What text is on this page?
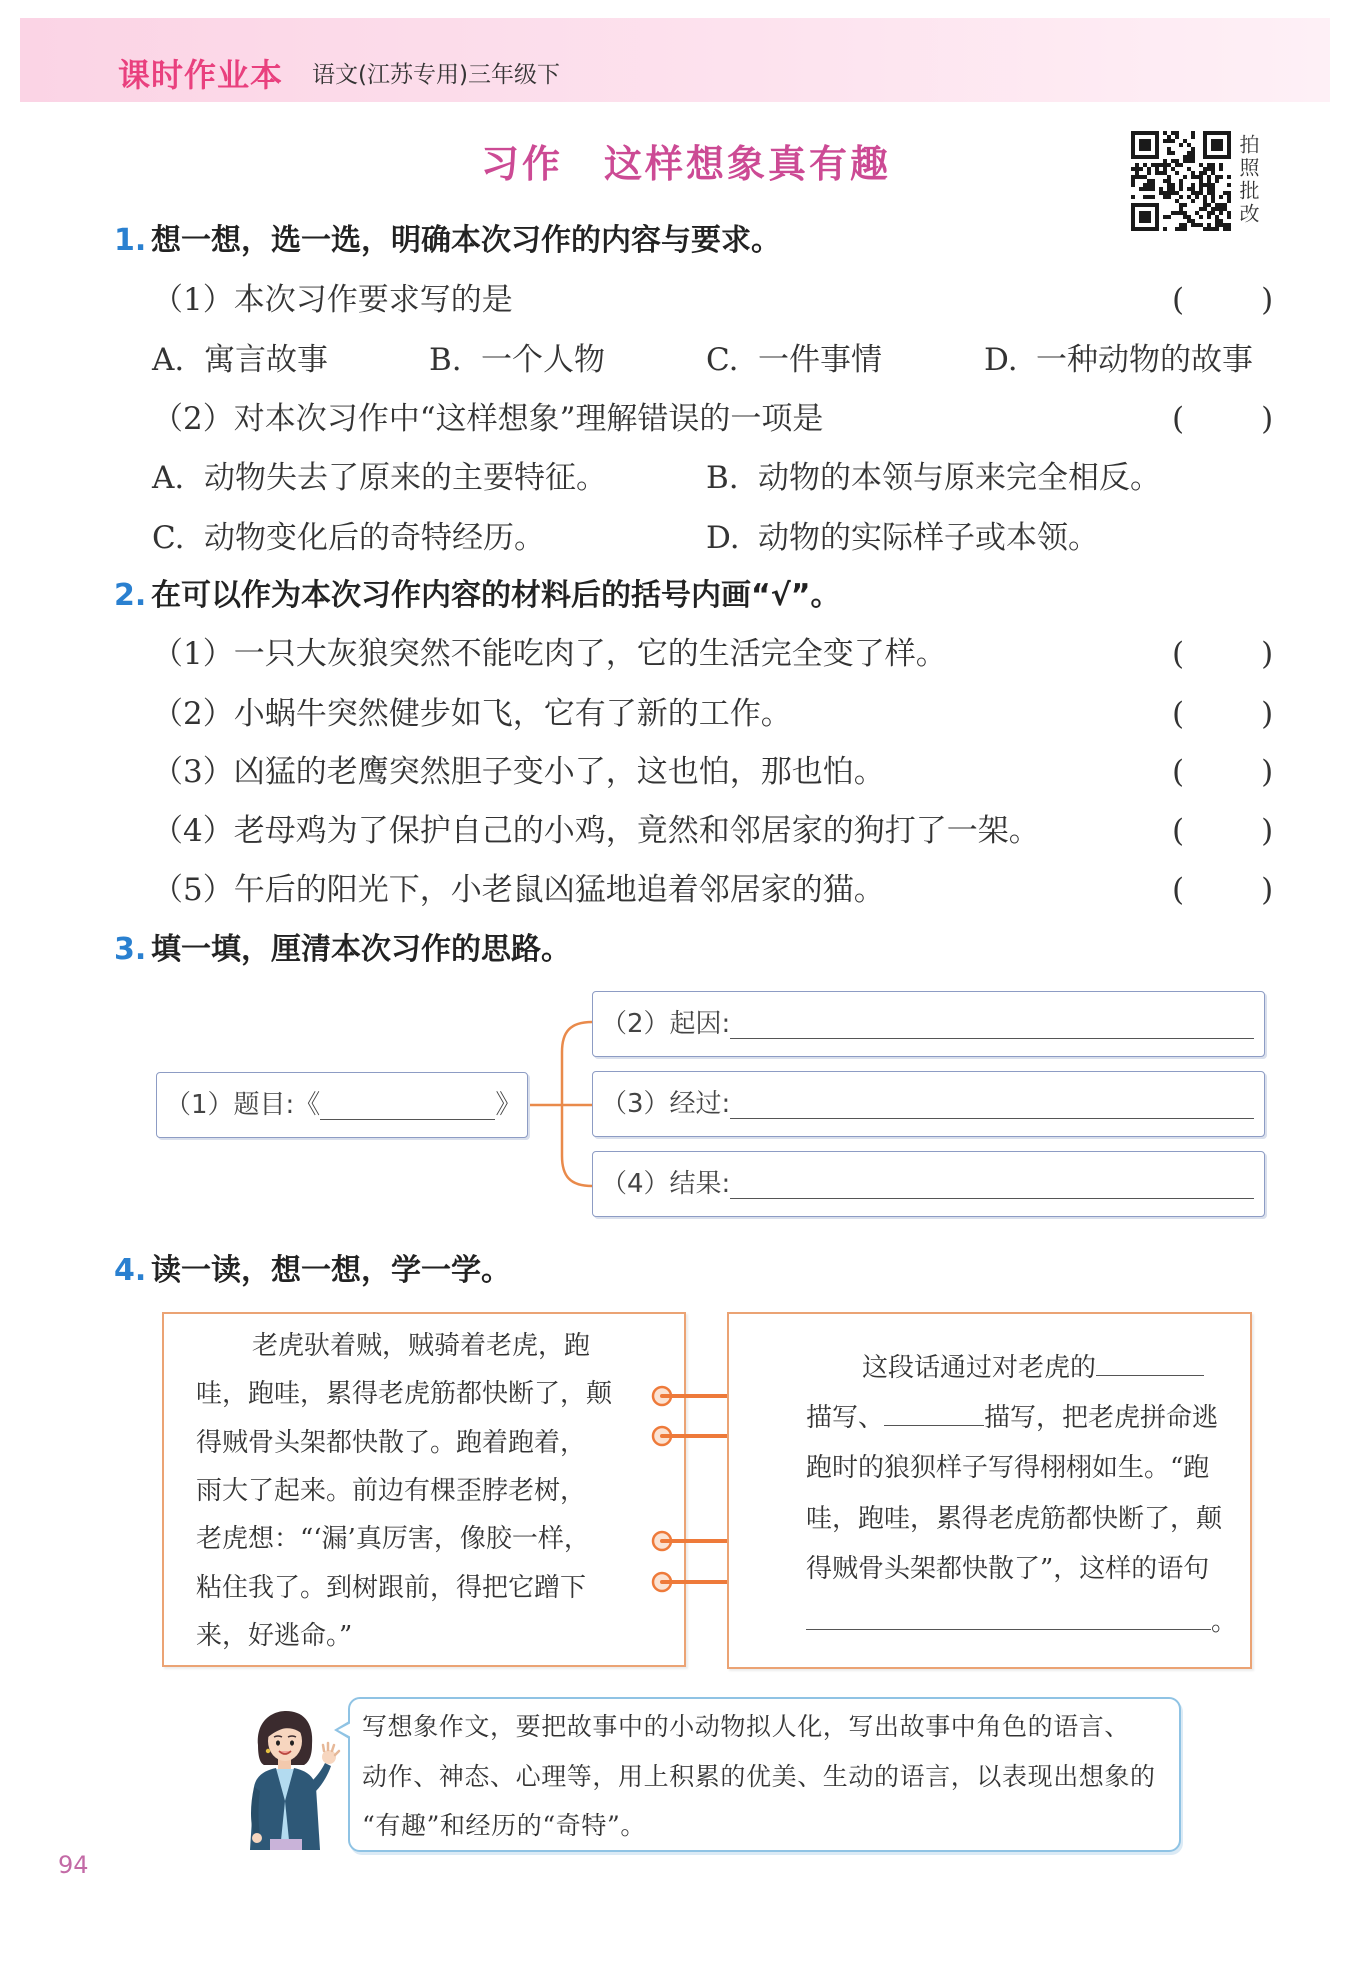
课时作业本 语文(江苏专用)三年级下
习作　这样想象真有趣	拍照批改
1. 想一想，选一选，明确本次习作的内容与要求。
（1）本次习作要求写的是	(　　)
A. 寓言故事	B. 一个人物	C. 一件事情	D. 一种动物的故事
（2）对本次习作中“这样想象”理解错误的一项是	(　　)
A. 动物失去了原来的主要特征。	B. 动物的本领与原来完全相反。
C. 动物变化后的奇特经历。	D. 动物的实际样子或本领。
2. 在可以作为本次习作内容的材料后的括号内画“√”。
（1）一只大灰狼突然不能吃肉了，它的生活完全变了样。	(　　)
（2）小蜗牛突然健步如飞，它有了新的工作。	(　　)
（3）凶猛的老鹰突然胆子变小了，这也怕，那也怕。	(　　)
（4）老母鸡为了保护自己的小鸡，竟然和邻居家的狗打了一架。	(　　)
（5）午后的阳光下，小老鼠凶猛地追着邻居家的猫。	(　　)
3. 填一填，厘清本次习作的思路。
（1）题目:《	》
（2）起因:
（3）经过:
（4）结果:
4. 读一读，想一想，学一学。
老虎驮着贼，贼骑着老虎，跑
哇，跑哇，累得老虎筋都快断了，颠
得贼骨头架都快散了。跑着跑着，
雨大了起来。前边有棵歪脖老树，
老虎想：“‘漏’真厉害，像胶一样，
粘住我了。到树跟前，得把它蹭下
来，好逃命。”
这段话通过对老虎的
描写、	描写，把老虎拼命逃
跑时的狼狈样子写得栩栩如生。“跑
哇，跑哇，累得老虎筋都快断了，颠
得贼骨头架都快散了”，这样的语句
。
写想象作文，要把故事中的小动物拟人化，写出故事中角色的语言、
动作、神态、心理等，用上积累的优美、生动的语言，以表现出想象的
“有趣”和经历的“奇特”。
94
